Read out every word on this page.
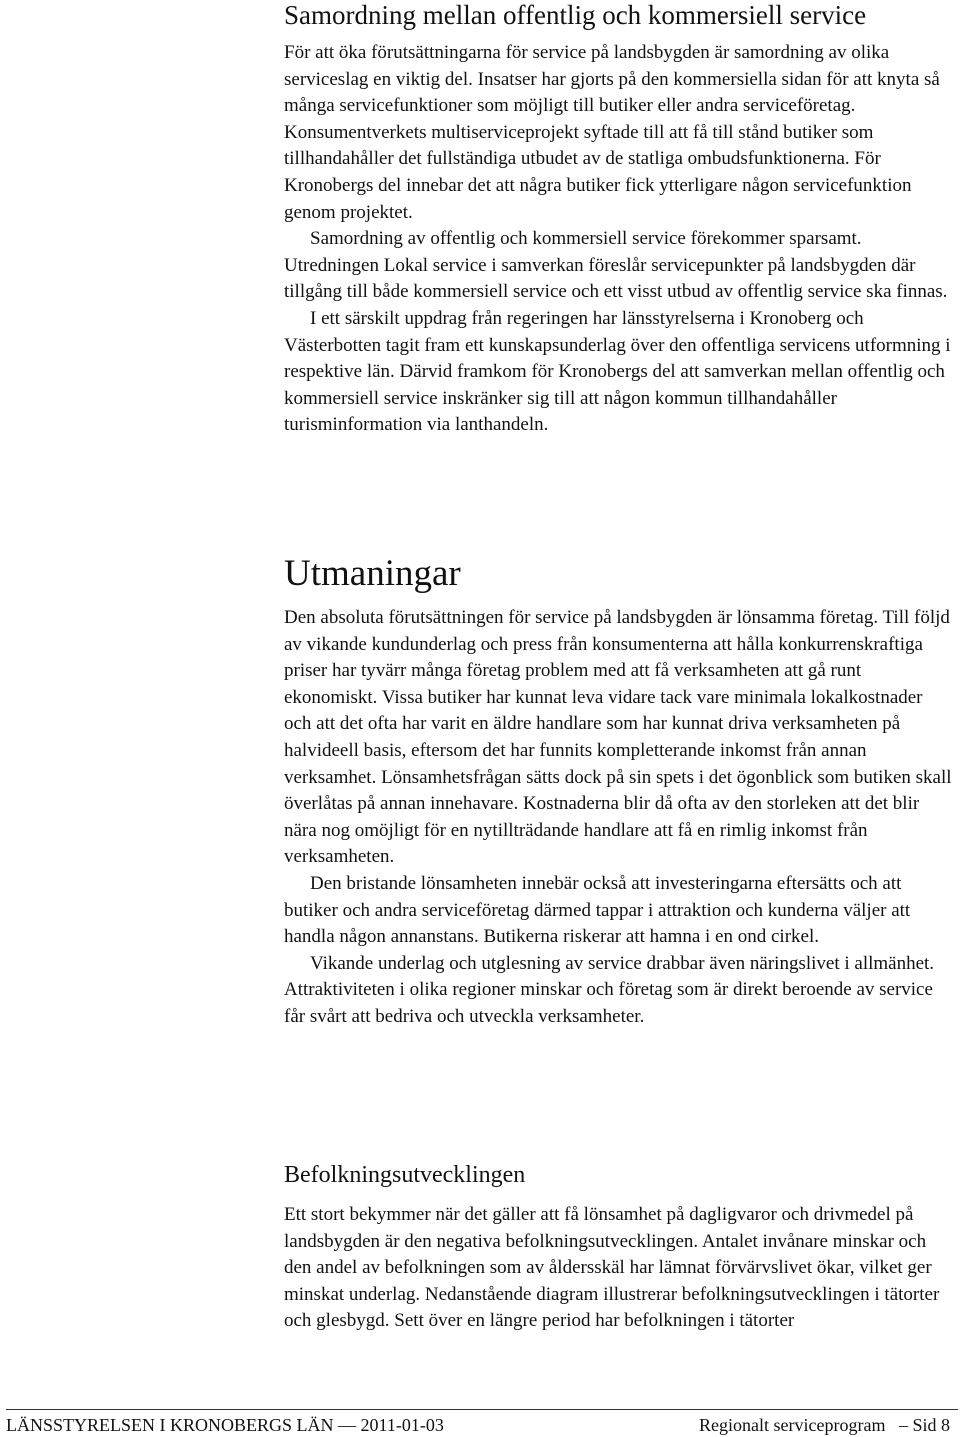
Samordning mellan offentlig och kommersiell service

För att öka förutsättningarna för service på landsbygden är samordning av olika serviceslag en viktig del. Insatser har gjorts på den kommersiella sidan för att knyta så många servicefunktioner som möjligt till butiker eller andra serviceföretag. Konsumentverkets multiserviceprojekt syftade till att få till stånd butiker som tillhandahåller det fullständiga utbudet av de statliga ombudsfunktionerna. För Kronobergs del innebar det att några butiker fick ytterligare någon servicefunktion genom projektet.

Samordning av offentlig och kommersiell service förekommer sparsamt. Utredningen Lokal service i samverkan föreslår servicepunkter på landsbygden där tillgång till både kommersiell service och ett visst utbud av offentlig service ska finnas.

I ett särskilt uppdrag från regeringen har länsstyrelserna i Kronoberg och Västerbotten tagit fram ett kunskapsunderlag över den offentliga servicens utformning i respektive län. Därvid framkom för Kronobergs del att samverkan mellan offentlig och kommersiell service inskränker sig till att någon kommun tillhandahåller turisminformation via lanthandeln.

Utmaningar

Den absoluta förutsättningen för service på landsbygden är lönsamma företag. Till följd av vikande kundunderlag och press från konsumenterna att hålla konkurrenskraftiga priser har tyvärr många företag problem med att få verksamheten att gå runt ekonomiskt. Vissa butiker har kunnat leva vidare tack vare minimala lokalkostnader och att det ofta har varit en äldre handlare som har kunnat driva verksamheten på halvideell basis, eftersom det har funnits kompletterande inkomst från annan verksamhet. Lönsamhetsfrågan sätts dock på sin spets i det ögonblick som butiken skall överlåtas på annan innehavare. Kostnaderna blir då ofta av den storleken att det blir nära nog omöjligt för en nytillträdande handlare att få en rimlig inkomst från verksamheten.

Den bristande lönsamheten innebär också att investeringarna eftersätts och att butiker och andra serviceföretag därmed tappar i attraktion och kunderna väljer att handla någon annanstans. Butikerna riskerar att hamna i en ond cirkel.

Vikande underlag och utglesning av service drabbar även näringslivet i allmänhet. Attraktiviteten i olika regioner minskar och företag som är direkt beroende av service får svårt att bedriva och utveckla verksamheter.

Befolkningsutvecklingen

Ett stort bekymmer när det gäller att få lönsamhet på dagligvaror och drivmedel på landsbygden är den negativa befolkningsutvecklingen. Antalet invånare minskar och den andel av befolkningen som av åldersskäl har lämnat förvärvslivet ökar, vilket ger minskat underlag. Nedanstående diagram illustrerar befolkningsutvecklingen i tätorter och glesbygd. Sett över en längre period har befolkningen i tätorter

LÄNSSTYRELSEN I KRONOBERGS LÄN — 2011-01-03	Regionalt serviceprogram   – Sid 8
